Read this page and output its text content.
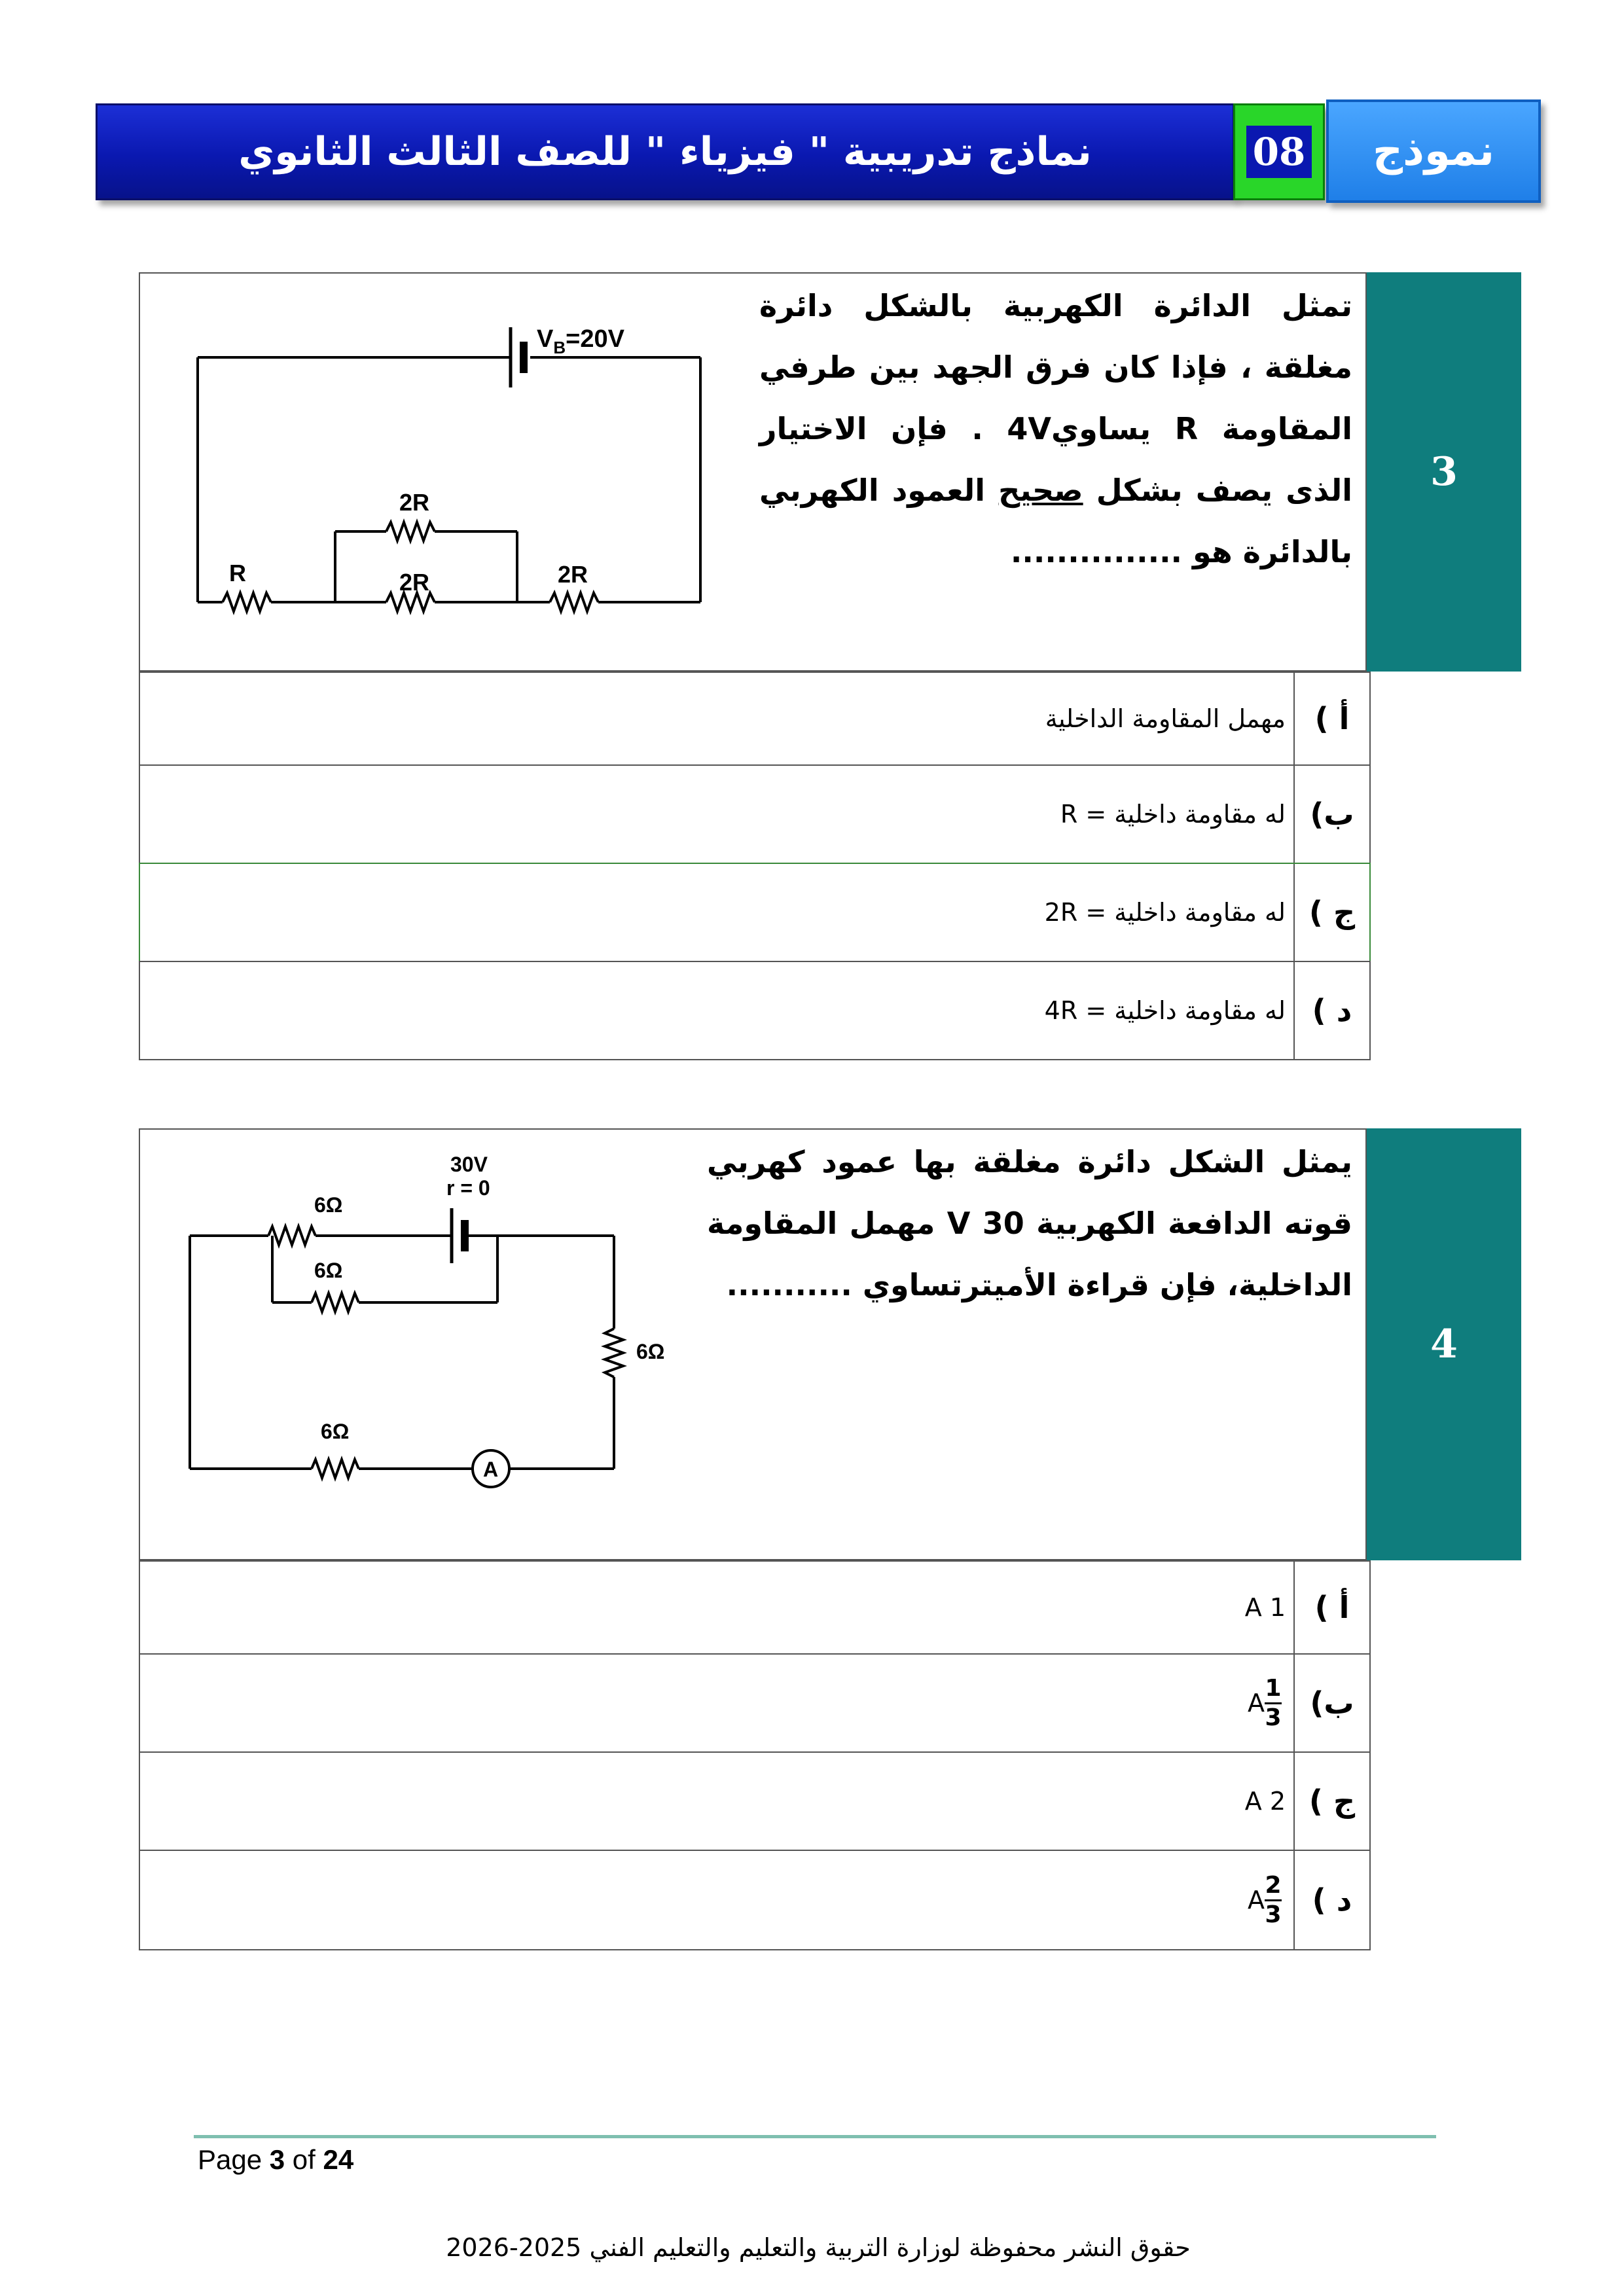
نماذج تدريبية " فيزياء " للصف الثالث الثانوي	08 نموذج
3
تمثل الدائرة الكهربية بالشكل دائرة مغلقة ، فإذا كان فرق الجهد بين طرفي المقاومة R يساوي4V . فإن الاختيار الذى يصف بشكل صحيح العمود الكهربي بالدائرة هو ...............
$V_B=20V$
R
2R
2R	2R
مهمل المقاومة الداخلية أ )
له مقاومة داخلية = R ب)
له مقاومة داخلية = 2R ج )
له مقاومة داخلية = 4R د )
4
يمثل الشكل دائرة مغلقة بها عمود كهربي قوته الدافعة الكهربية 30 V مهمل المقاومة الداخلية، فإن قراءة الأميترتساوي ...........
30V
r = 0
6Ω
6Ω
6Ω
6Ω
A
1 A أ )
$\frac{1}{3}$
A ب)
2 A ج )
$\frac{2}{3}$
A د )
Page 3 of 24
حقوق النشر محفوظة لوزارة التربية والتعليم والتعليم الفني 2025-2026
